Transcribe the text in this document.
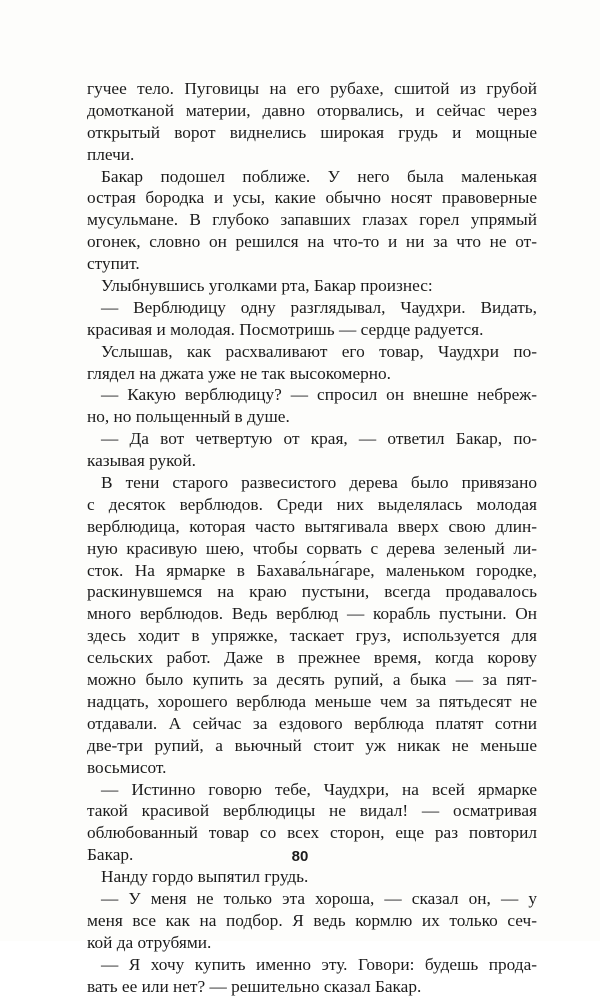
гучее тело. Пуговицы на его рубахе, сшитой из грубой
домотканой материи, давно оторвались, и сейчас через
открытый ворот виднелись широкая грудь и мощные
плечи.
Бакар подошел поближе. У него была маленькая
острая бородка и усы, какие обычно носят правоверные
мусульмане. В глубоко запавших глазах горел упрямый
огонек, словно он решился на что-то и ни за что не от-
ступит.
Улыбнувшись уголками рта, Бакар произнес:
— Верблюдицу одну разглядывал, Чаудхри. Видать,
красивая и молодая. Посмотришь — сердце радуется.
Услышав, как расхваливают его товар, Чаудхри по-
глядел на джата уже не так высокомерно.
— Какую верблюдицу? — спросил он внешне небреж-
но, но польщенный в душе.
— Да вот четвертую от края, — ответил Бакар, по-
казывая рукой.
В тени старого развесистого дерева было привязано
с десяток верблюдов. Среди них выделялась молодая
верблюдица, которая часто вытягивала вверх свою длин-
ную красивую шею, чтобы сорвать с дерева зеленый ли-
сток. На ярмарке в Бахава́льна́гаре, маленьком городке,
раскинувшемся на краю пустыни, всегда продавалось
много верблюдов. Ведь верблюд — корабль пустыни. Он
здесь ходит в упряжке, таскает груз, используется для
сельских работ. Даже в прежнее время, когда корову
можно было купить за десять рупий, а быка — за пят-
надцать, хорошего верблюда меньше чем за пятьдесят не
отдавали. А сейчас за ездового верблюда платят сотни
две-три рупий, а вьючный стоит уж никак не меньше
восьмисот.
— Истинно говорю тебе, Чаудхри, на всей ярмарке
такой красивой верблюдицы не видал! — осматривая
облюбованный товар со всех сторон, еще раз повторил
Бакар.
Нанду гордо выпятил грудь.
— У меня не только эта хороша, — сказал он, — у
меня все как на подбор. Я ведь кормлю их только сеч-
кой да отрубями.
— Я хочу купить именно эту. Говори: будешь прода-
вать ее или нет? — решительно сказал Бакар.
80
